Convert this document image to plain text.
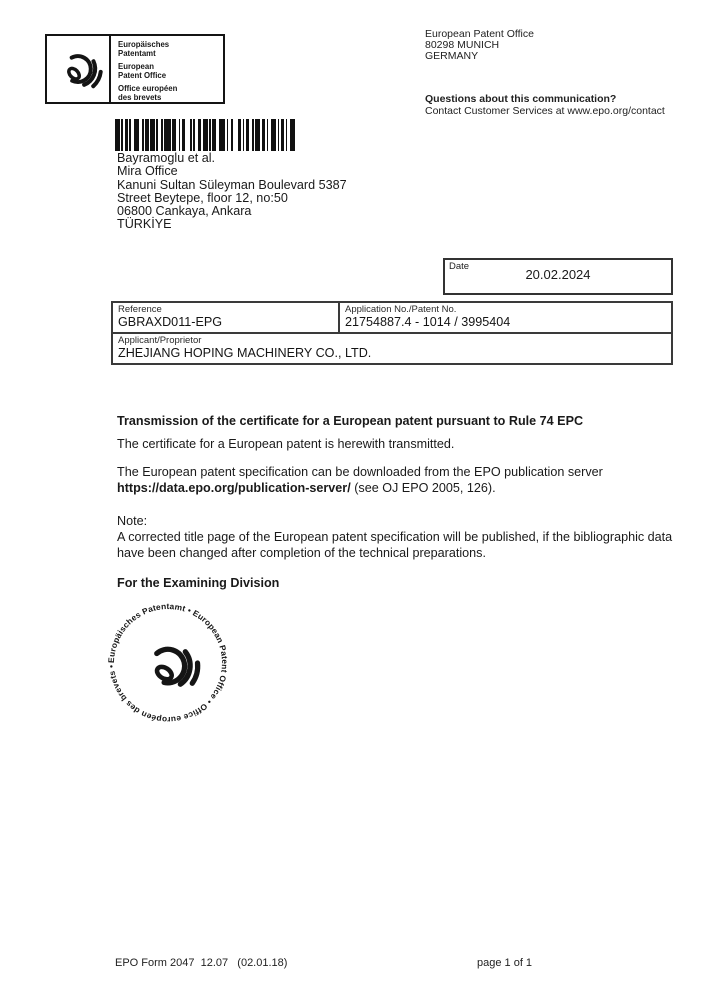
Europäisches
Patentamt
European
Patent Office
Office européen
des brevets
European Patent Office
80298 MUNICH
GERMANY
Questions about this communication?
Contact Customer Services at www.epo.org/contact
Bayramoglu et al.
Mira Office
Kanuni Sultan Süleyman Boulevard 5387
Street Beytepe, floor 12, no:50
06800 Cankaya, Ankara
TÜRKİYE
Date
20.02.2024
Reference
GBRAXD011-EPG
Application No./Patent No.
21754887.4 - 1014 / 3995404
Applicant/Proprietor
ZHEJIANG HOPING MACHINERY CO., LTD.
Transmission of the certificate for a European patent pursuant to Rule 74 EPC
The certificate for a European patent is herewith transmitted.
The European patent specification can be downloaded from the EPO publication server
https://data.epo.org/publication-server/ (see OJ EPO 2005, 126).
Note:
A corrected title page of the European patent specification will be published, if the bibliographic data
have been changed after completion of the technical preparations.
For the Examining Division
Europäisches Patentamt • European Patent Office • Office européen des brevets •
EPO Form 2047  12.07   (02.01.18)	page 1 of 1
